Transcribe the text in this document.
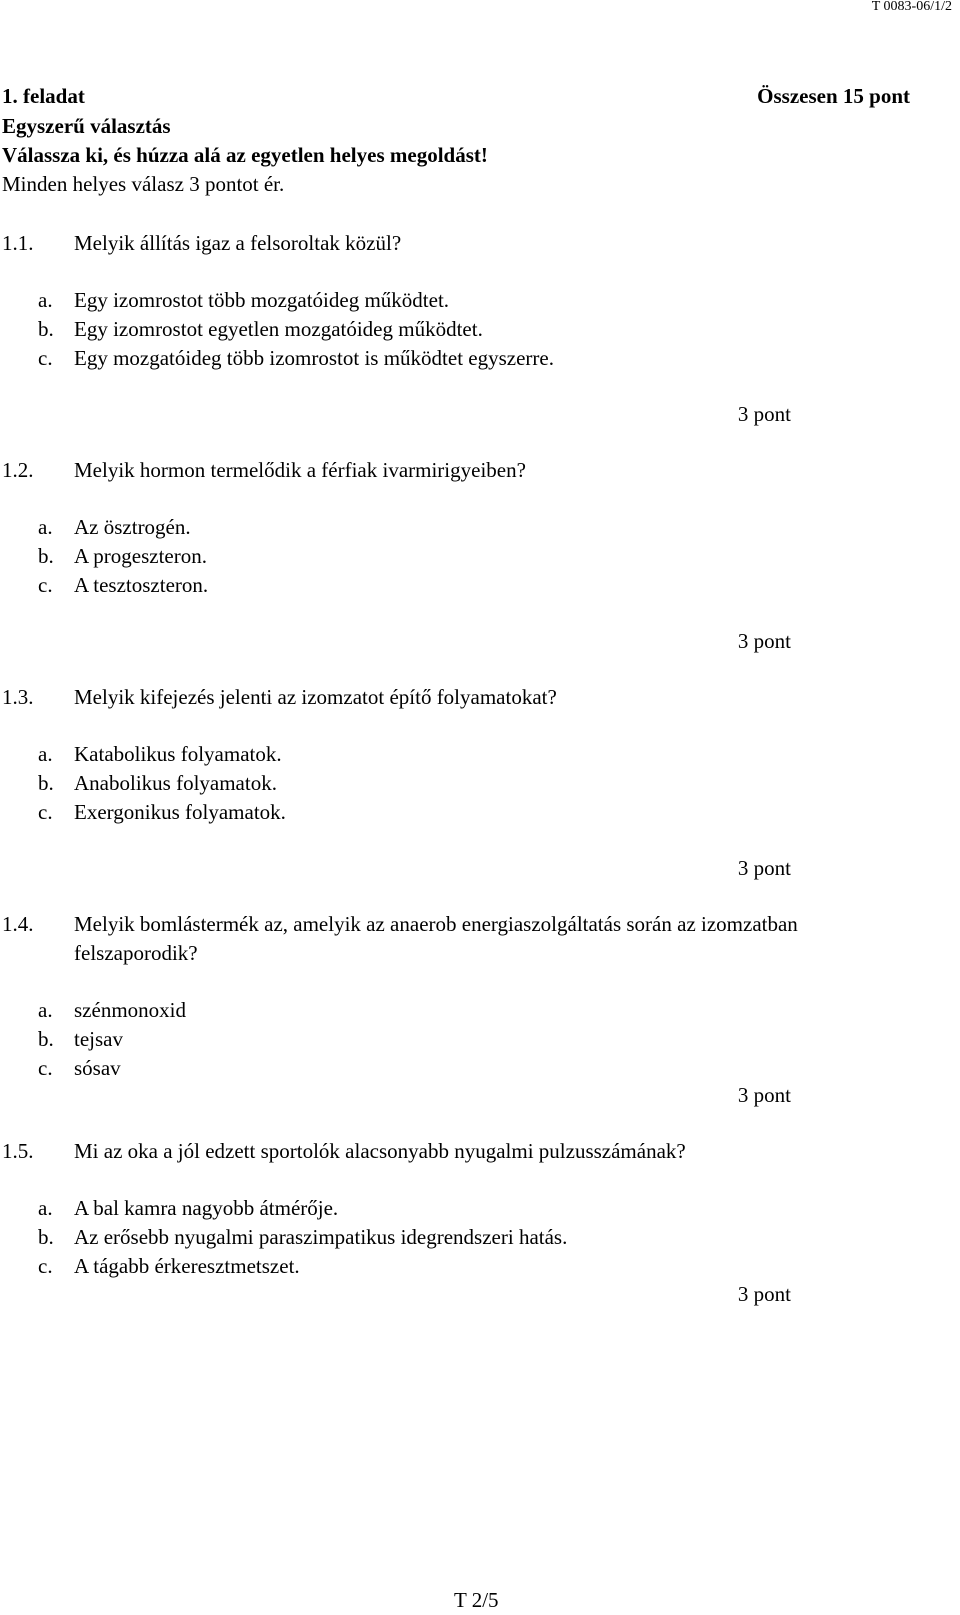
T 0083-06/1/2
1. feladat	Összesen 15 pont
Egyszerű választás
Válassza ki, és húzza alá az egyetlen helyes megoldást!
Minden helyes válasz 3 pontot ér.
1.1. Melyik állítás igaz a felsoroltak közül?
a. Egy izomrostot több mozgatóideg működtet.
b. Egy izomrostot egyetlen mozgatóideg működtet.
c. Egy mozgatóideg több izomrostot is működtet egyszerre.
3 pont
1.2. Melyik hormon termelődik a férfiak ivarmirigyeiben?
a. Az ösztrogén.
b. A progeszteron.
c. A tesztoszteron.
3 pont
1.3. Melyik kifejezés jelenti az izomzatot építő folyamatokat?
a. Katabolikus folyamatok.
b. Anabolikus folyamatok.
c. Exergonikus folyamatok.
3 pont
1.4. Melyik bomlástermék az, amelyik az anaerob energiaszolgáltatás során az izomzatban
felszaporodik?
a. szénmonoxid
b. tejsav
c. sósav
3 pont
1.5. Mi az oka a jól edzett sportolók alacsonyabb nyugalmi pulzusszámának?
a. A bal kamra nagyobb átmérője.
b. Az erősebb nyugalmi paraszimpatikus idegrendszeri hatás.
c. A tágabb érkeresztmetszet.
3 pont
T 2/5
